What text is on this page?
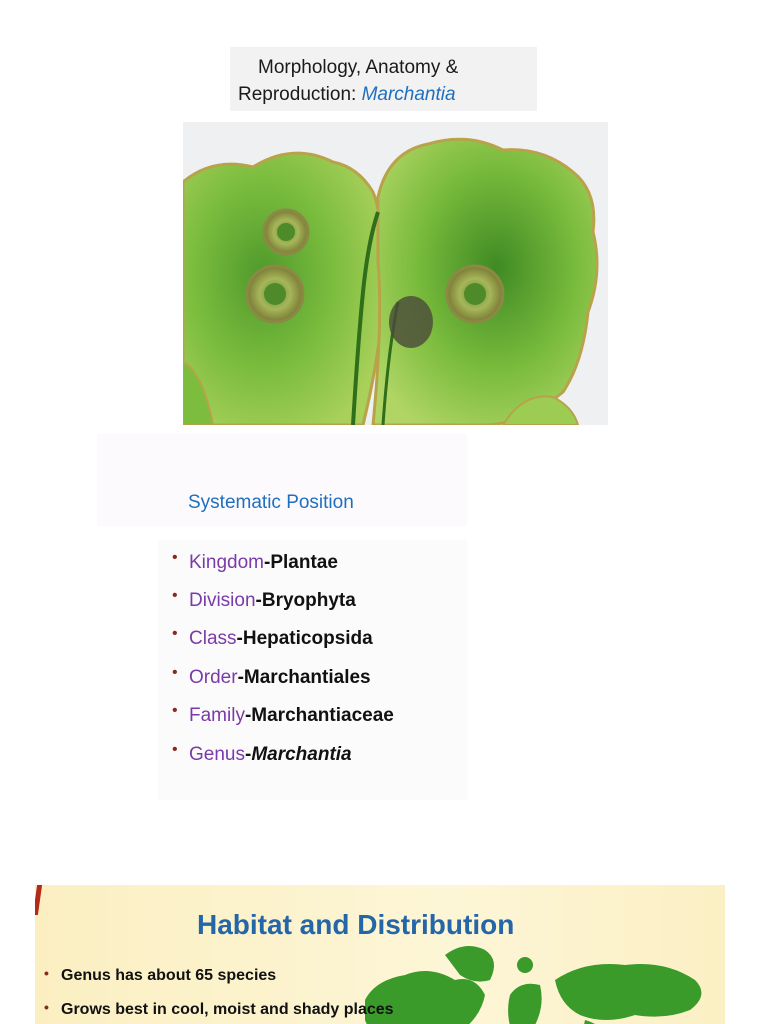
Morphology, Anatomy &
Reproduction: Marchantia
Systematic Position
• Kingdom-Plantae
• Division-Bryophyta
• Class-Hepaticopsida
• Order-Marchantiales
• Family-Marchantiaceae
• Genus-Marchantia
Habitat and Distribution
• Genus has about 65 species
• Grows best in cool, moist and shady places
